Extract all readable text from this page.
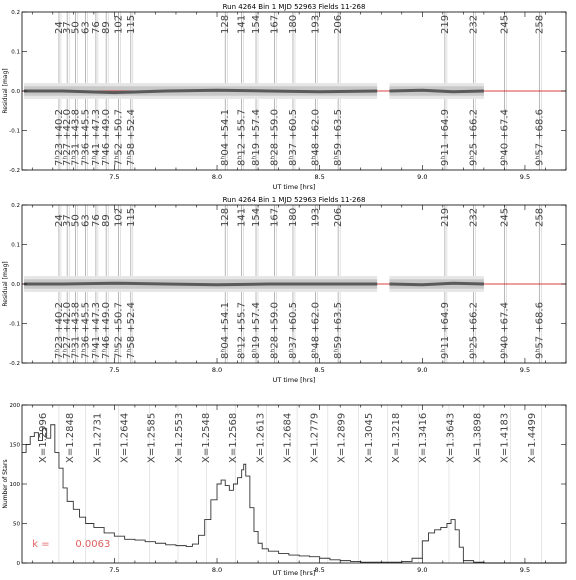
Run 4264 Bin 1 MJD 52963 Fields 11-268
24
7ʰ23 +40.2
37
7ʰ27 +42.0
50
7ʰ31 +43.8
63
7ʰ36 +45.5
76
7ʰ41 +47.3
89
7ʰ46 +49.0
102
7ʰ52 +50.7
115
7ʰ58 +52.4
128
8ʰ04 +54.1
141
8ʰ12 +55.7
154
8ʰ19 +57.4
167
8ʰ28 +59.0
180
8ʰ37 +60.5
193
8ʰ48 +62.0
206
8ʰ59 +63.5
219
9ʰ11 +64.9
232
9ʰ25 +66.2
245
9ʰ40 +67.4
258
9ʰ57 +68.6
7.5	8.0	8.5	9.0	9.5
-0.2
-0.1
0.0
0.1
0.2
UT time [hrs]
Residual [mag]
Run 4264 Bin 1 MJD 52963 Fields 11-268
24
7ʰ23 +40.2
37
7ʰ27 +42.0
50
7ʰ31 +43.8
63
7ʰ36 +45.5
76
7ʰ41 +47.3
89
7ʰ46 +49.0
102
7ʰ52 +50.7
115
7ʰ58 +52.4
128
8ʰ04 +54.1
141
8ʰ12 +55.7
154
8ʰ19 +57.4
167
8ʰ28 +59.0
180
8ʰ37 +60.5
193
8ʰ48 +62.0
206
8ʰ59 +63.5
219
9ʰ11 +64.9
232
9ʰ25 +66.2
245
9ʰ40 +67.4
258
9ʰ57 +68.6
7.5	8.0	8.5	9.0	9.5
-0.2
-0.1
0.0
0.1
0.2
UT time [hrs]
Residual [mag]
X=1.2996 X=1.2848 X=1.2731 X=1.2644 X=1.2585 X=1.2553 X=1.2548 X=1.2568 X=1.2613 X=1.2684 X=1.2779 X=1.2899 X=1.3045 X=1.3218 X=1.3416 X=1.3643 X=1.3898 X=1.4183 X=1.4499
k =	0.0063
7.5	8.0	8.5	9.0	9.5
0
50
100
150
200
UT time [hrs]
Number of Stars
